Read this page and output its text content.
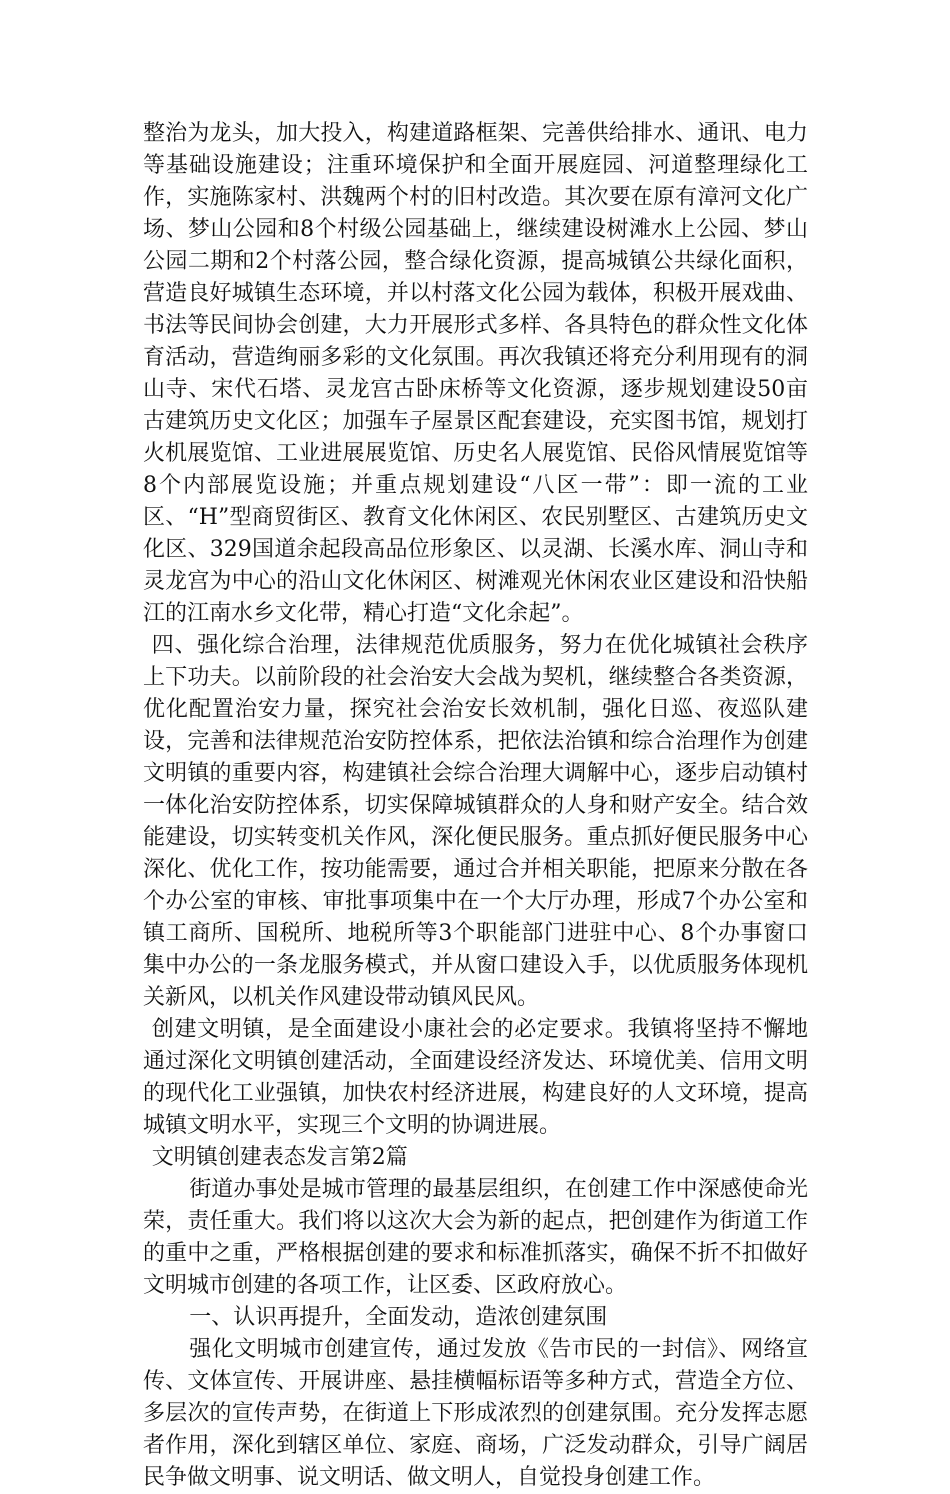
整治为龙头，加大投入，构建道路框架、完善供给排水、通讯、电力等基础设施建设；注重环境保护和全面开展庭园、河道整理绿化工作，实施陈家村、洪魏两个村的旧村改造。其次要在原有漳河文化广场、梦山公园和8个村级公园基础上，继续建设树滩水上公园、梦山公园二期和2个村落公园，整合绿化资源，提高城镇公共绿化面积，营造良好城镇生态环境，并以村落文化公园为载体，积极开展戏曲、书法等民间协会创建，大力开展形式多样、各具特色的群众性文化体育活动，营造绚丽多彩的文化氛围。再次我镇还将充分利用现有的洞山寺、宋代石塔、灵龙宫古卧床桥等文化资源，逐步规划建设50亩古建筑历史文化区；加强车子屋景区配套建设，充实图书馆，规划打火机展览馆、工业进展展览馆、历史名人展览馆、民俗风情展览馆等8个内部展览设施；并重点规划建设“八区一带”：即一流的工业区、“H”型商贸街区、教育文化休闲区、农民别墅区、古建筑历史文化区、329国道余起段高品位形象区、以灵湖、长溪水库、洞山寺和灵龙宫为中心的沿山文化休闲区、树滩观光休闲农业区建设和沿快船江的江南水乡文化带，精心打造“文化余起”。

四、强化综合治理，法律规范优质服务，努力在优化城镇社会秩序上下功夫。以前阶段的社会治安大会战为契机，继续整合各类资源，优化配置治安力量，探究社会治安长效机制，强化日巡、夜巡队建设，完善和法律规范治安防控体系，把依法治镇和综合治理作为创建文明镇的重要内容，构建镇社会综合治理大调解中心，逐步启动镇村一体化治安防控体系，切实保障城镇群众的人身和财产安全。结合效能建设，切实转变机关作风，深化便民服务。重点抓好便民服务中心深化、优化工作，按功能需要，通过合并相关职能，把原来分散在各个办公室的审核、审批事项集中在一个大厅办理，形成7个办公室和镇工商所、国税所、地税所等3个职能部门进驻中心、8个办事窗口集中办公的一条龙服务模式，并从窗口建设入手，以优质服务体现机关新风，以机关作风建设带动镇风民风。

创建文明镇，是全面建设小康社会的必定要求。我镇将坚持不懈地通过深化文明镇创建活动，全面建设经济发达、环境优美、信用文明的现代化工业强镇，加快农村经济进展，构建良好的人文环境，提高城镇文明水平，实现三个文明的协调进展。

文明镇创建表态发言第2篇

街道办事处是城市管理的最基层组织，在创建工作中深感使命光荣，责任重大。我们将以这次大会为新的起点，把创建作为街道工作的重中之重，严格根据创建的要求和标准抓落实，确保不折不扣做好文明城市创建的各项工作，让区委、区政府放心。

一、认识再提升，全面发动，造浓创建氛围

强化文明城市创建宣传，通过发放《告市民的一封信》、网络宣传、文体宣传、开展讲座、悬挂横幅标语等多种方式，营造全方位、多层次的宣传声势，在街道上下形成浓烈的创建氛围。充分发挥志愿者作用，深化到辖区单位、家庭、商场，广泛发动群众，引导广阔居民争做文明事、说文明话、做文明人，自觉投身创建工作。
